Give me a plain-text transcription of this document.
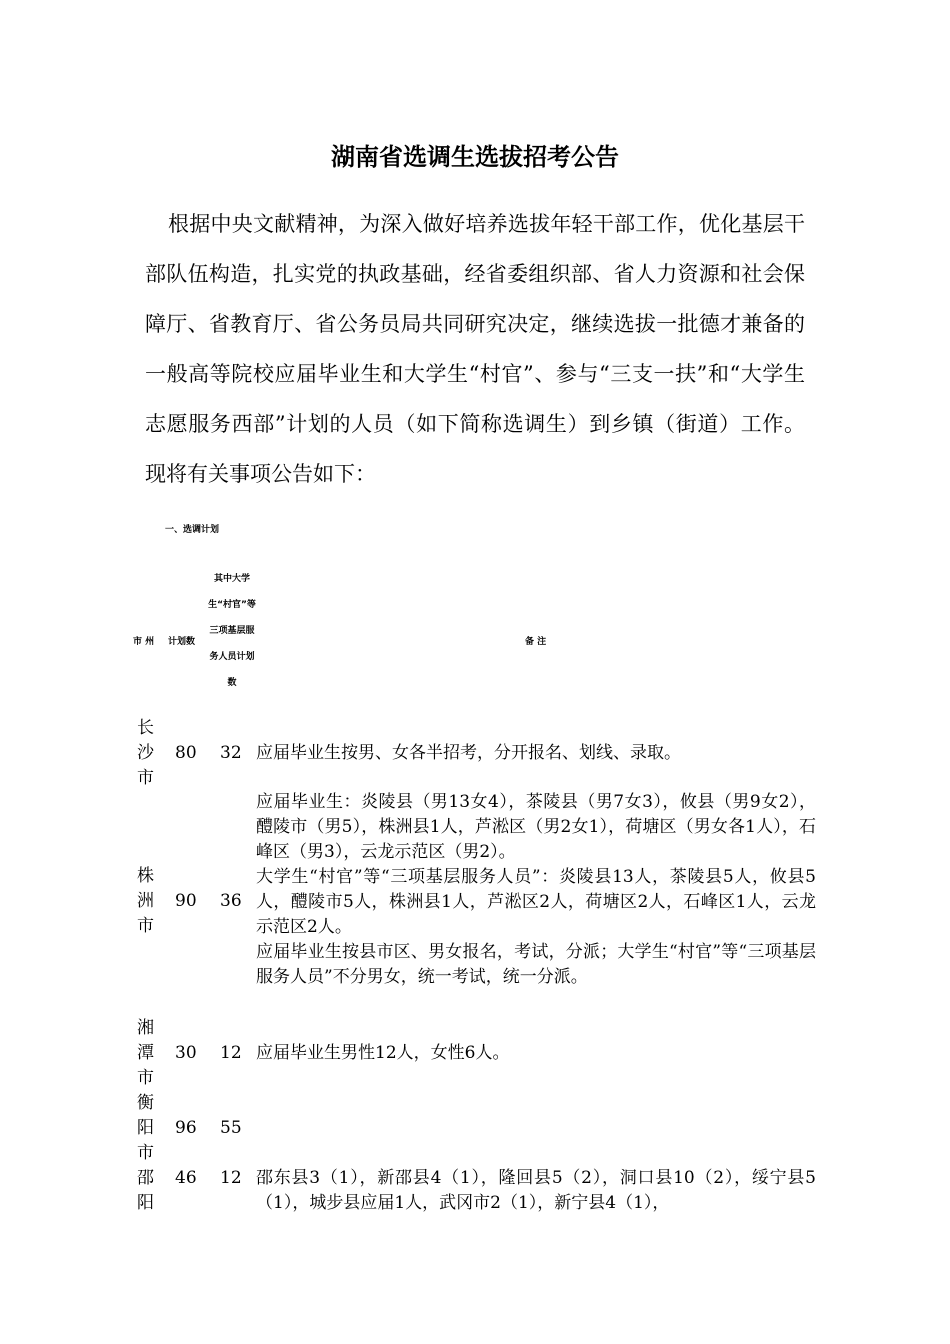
湖南省选调生选拔招考公告
根据中央文献精神，为深入做好培养选拔年轻干部工作，优化基层干部队伍构造，扎实党的执政基础，经省委组织部、省人力资源和社会保障厅、省教育厅、省公务员局共同研究决定，继续选拔一批德才兼备的一般高等院校应届毕业生和大学生“村官”、参与“三支一扶”和“大学生志愿服务西部”计划的人员（如下简称选调生）到乡镇（街道）工作。现将有关事项公告如下：
一、选调计划
市 州 计划数
其中大学生“村官”等三项基层服务人员计划数
备 注
长沙市
80 32 应届毕业生按男、女各半招考，分开报名、划线、录取。

株洲市
90 36

应届毕业生：炎陵县（男13女4），茶陵县（男7女3），攸县（男9女2），醴陵市（男5），株洲县1人，芦淞区（男2女1），荷塘区（男女各1人），石峰区（男3），云龙示范区（男2）。

大学生“村官”等“三项基层服务人员”：炎陵县13人，茶陵县5人，攸县5人，醴陵市5人，株洲县1人，芦淞区2人，荷塘区2人，石峰区1人，云龙示范区2人。

应届毕业生按县市区、男女报名，考试，分派；大学生“村官”等“三项基层服务人员”不分男女，统一考试，统一分派。

湘潭市
30 12 应届毕业生男性12人，女性6人。

衡阳市
96 55
邵阳
46 12 邵东县3（1），新邵县4（1），隆回县5（2），洞口县10（2），绥宁县5（1），城步县应届1人，武冈市2（1），新宁县4（1），
